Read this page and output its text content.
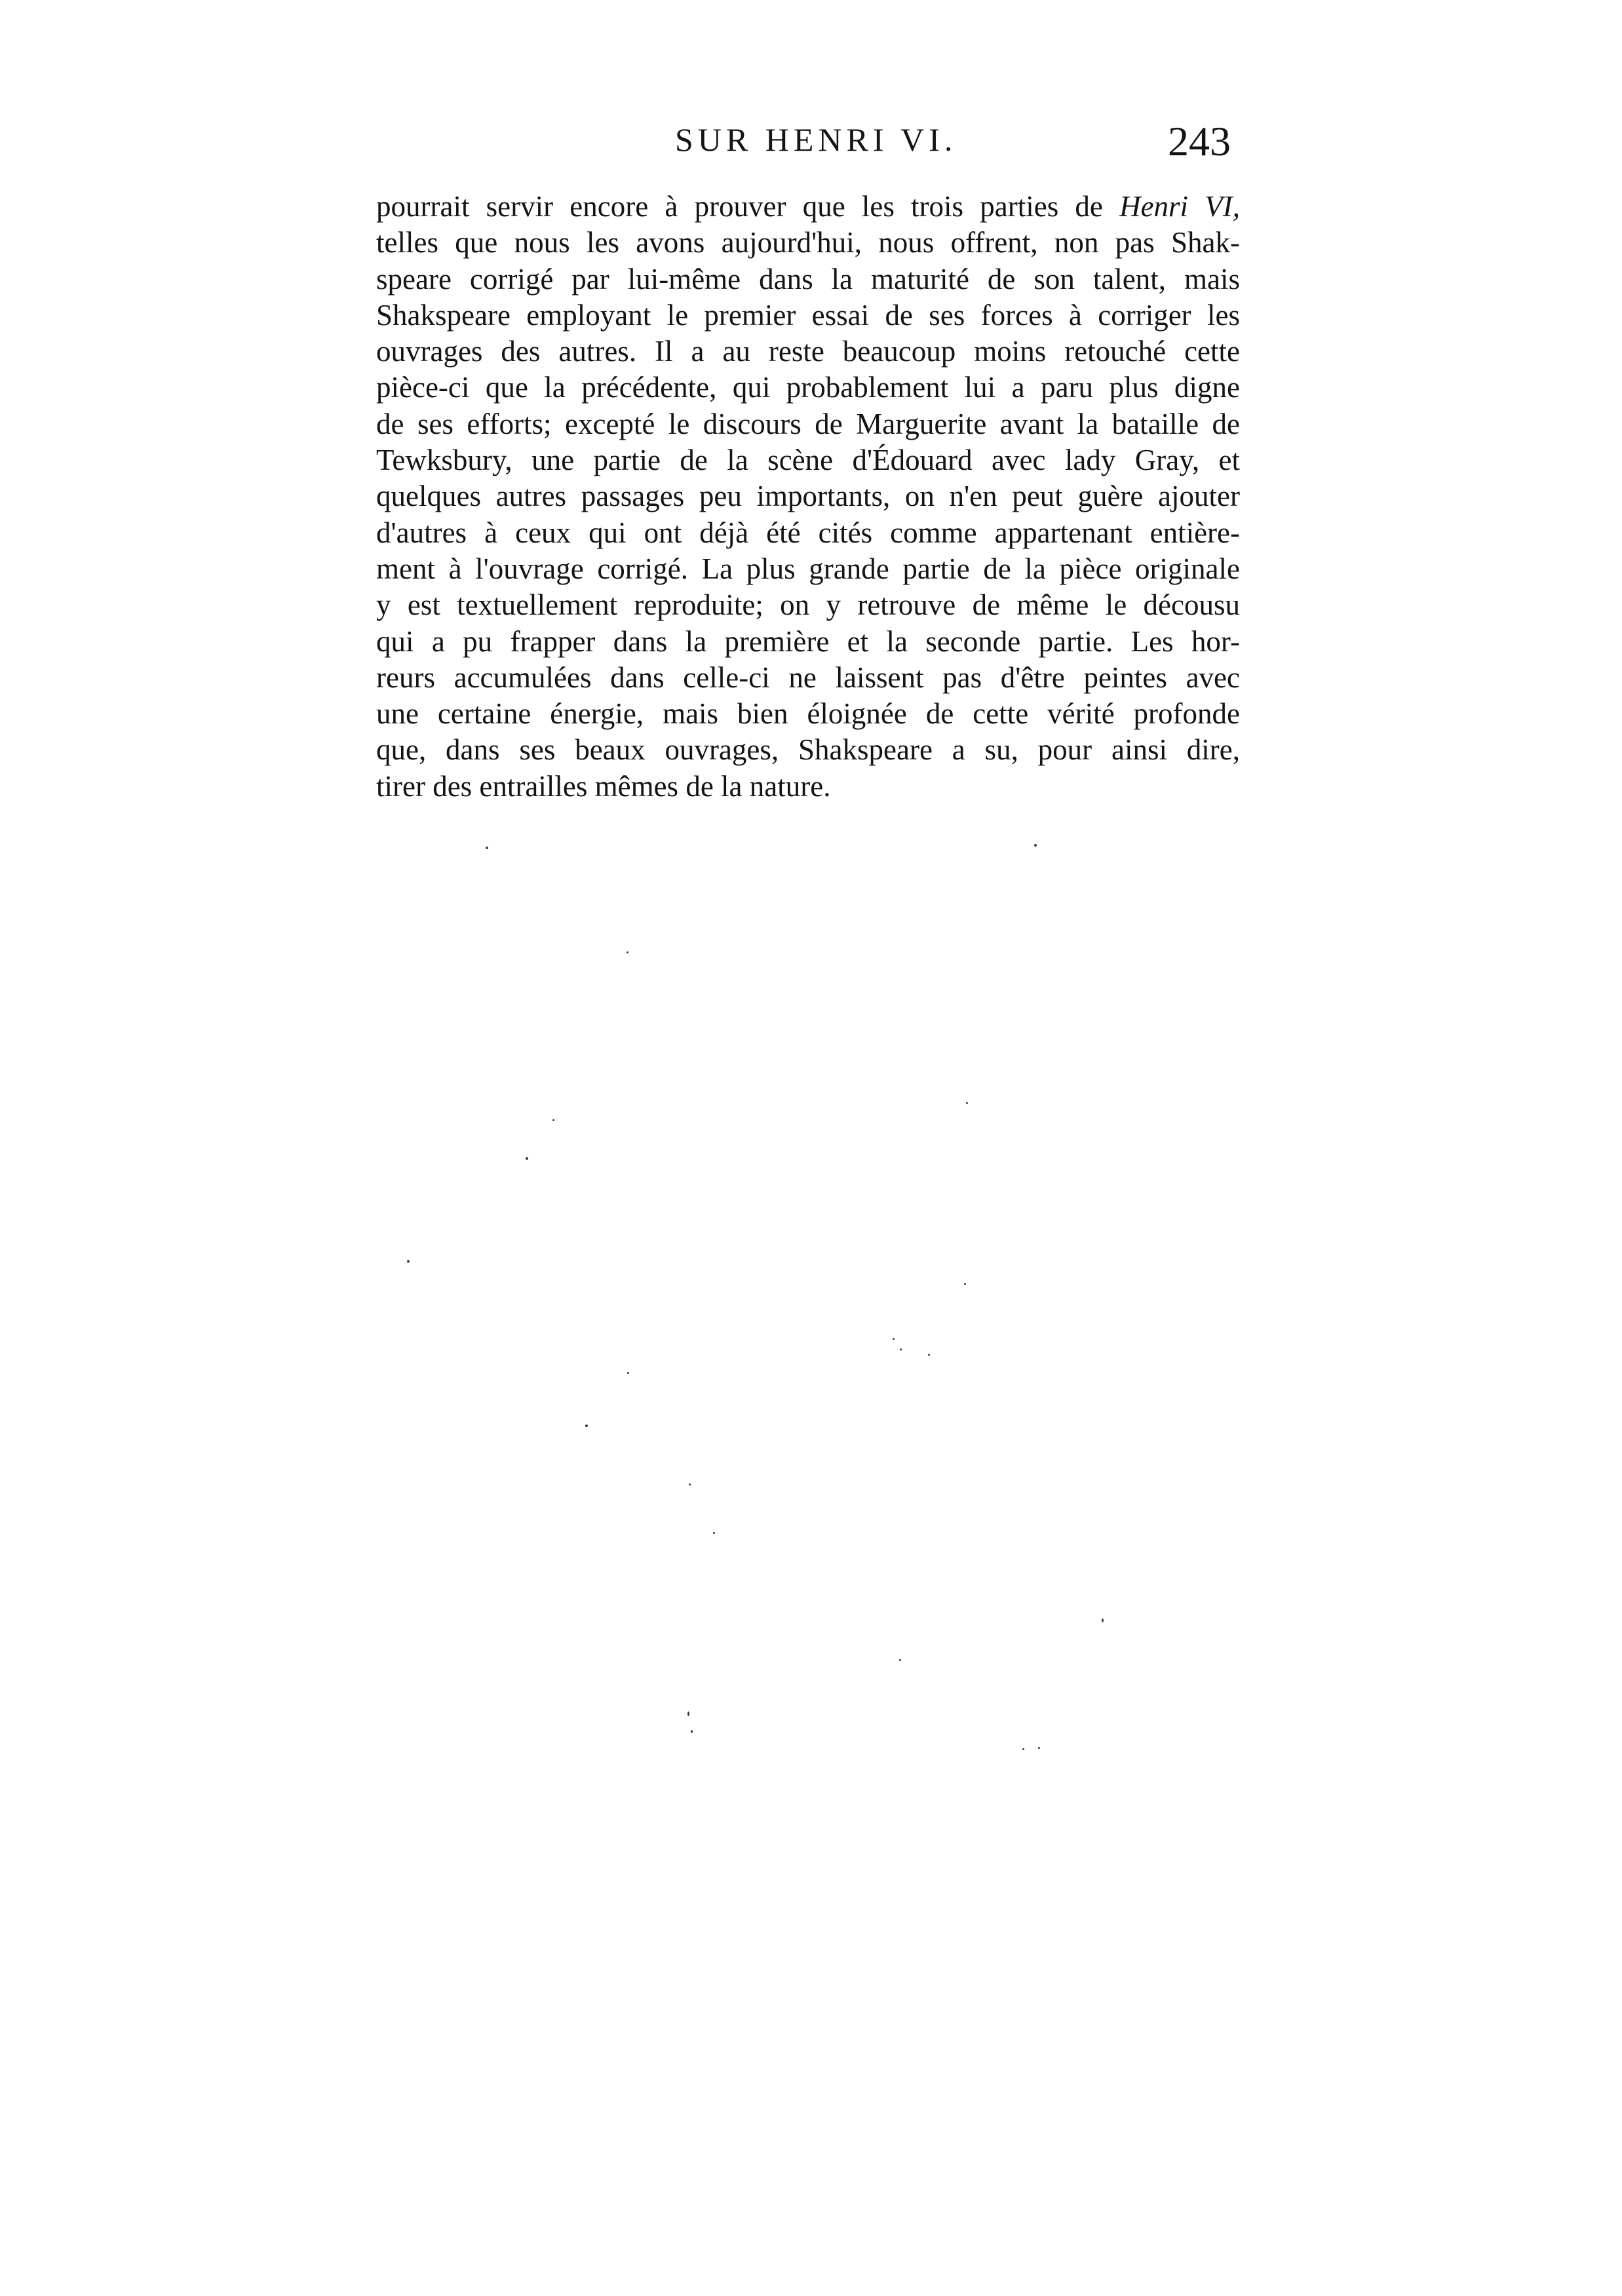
SUR HENRI VI.	243
pourrait servir encore à prouver que les trois parties de Henri VI,
telles que nous les avons aujourd'hui, nous offrent, non pas Shak-
speare corrigé par lui-même dans la maturité de son talent, mais
Shakspeare employant le premier essai de ses forces à corriger les
ouvrages des autres. Il a au reste beaucoup moins retouché cette
pièce-ci que la précédente, qui probablement lui a paru plus digne
de ses efforts; excepté le discours de Marguerite avant la bataille de
Tewksbury, une partie de la scène d'Édouard avec lady Gray, et
quelques autres passages peu importants, on n'en peut guère ajouter
d'autres à ceux qui ont déjà été cités comme appartenant entière-
ment à l'ouvrage corrigé. La plus grande partie de la pièce originale
y est textuellement reproduite; on y retrouve de même le décousu
qui a pu frapper dans la première et la seconde partie. Les hor-
reurs accumulées dans celle-ci ne laissent pas d'être peintes avec
une certaine énergie, mais bien éloignée de cette vérité profonde
que, dans ses beaux ouvrages, Shakspeare a su, pour ainsi dire,
tirer des entrailles mêmes de la nature.
